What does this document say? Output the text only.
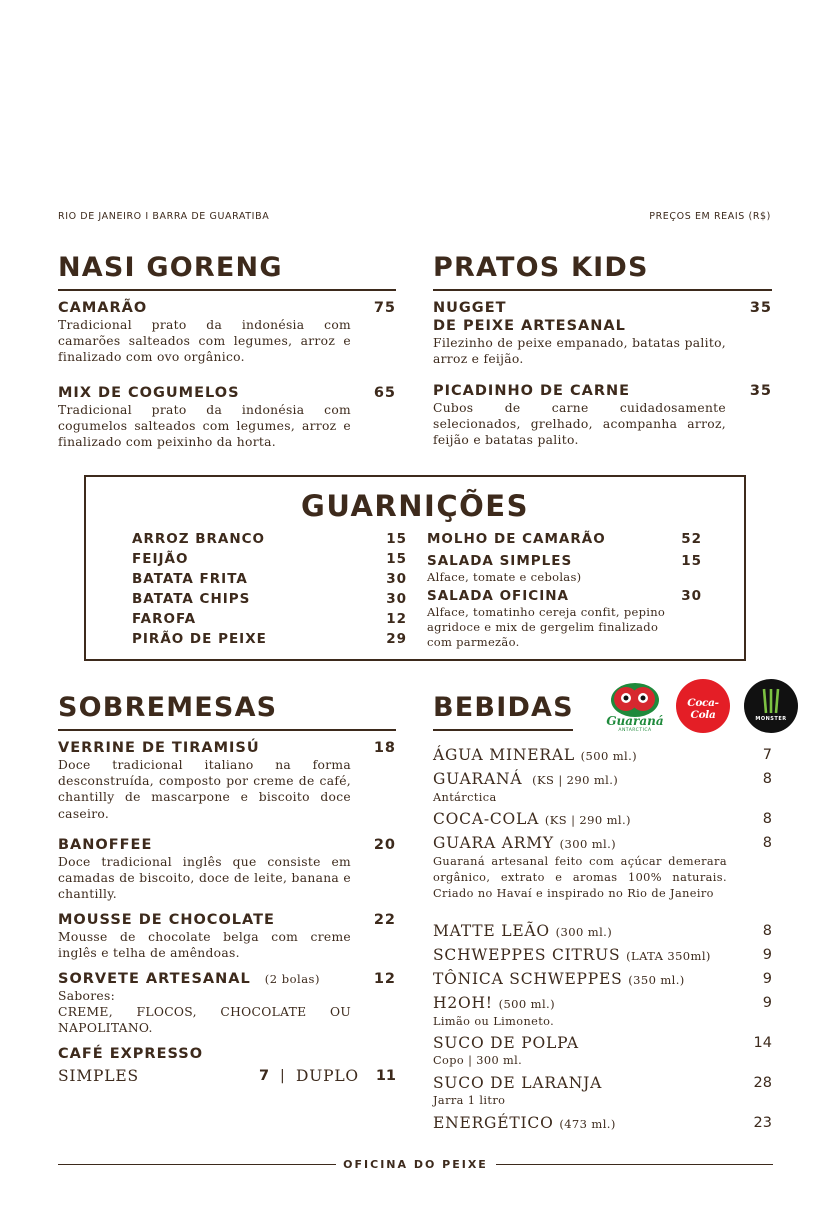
RIO DE JANEIRO I BARRA DE GUARATIBA	PREÇOS EM REAIS (R$)
NASI GORENG
CAMARÃO	75
Tradicional prato da indonésia com camarões salteados com legumes, arroz e finalizado com ovo orgânico.
MIX DE COGUMELOS	65
Tradicional prato da indonésia com cogumelos salteados com legumes, arroz e finalizado com peixinho da horta.
PRATOS KIDS
NUGGET
DE PEIXE ARTESANAL
35
Filezinho de peixe empanado, batatas palito, arroz e feijão.
PICADINHO DE CARNE	35
Cubos de carne cuidadosamente selecionados, grelhado, acompanha arroz, feijão e batatas palito.
GUARNIÇÕES
ARROZ BRANCO	15
FEIJÃO	15
BATATA FRITA	30
BATATA CHIPS	30
FAROFA	12
PIRÃO DE PEIXE	29
MOLHO DE CAMARÃO	52
SALADA SIMPLES	15
Alface, tomate e cebolas)
SALADA OFICINA	30
Alface, tomatinho cereja confit, pepino agridoce e mix de gergelim finalizado com parmezão.
SOBREMESAS
VERRINE DE TIRAMISÚ	18
Doce tradicional italiano na forma desconstruída, composto por creme de café, chantilly de mascarpone e biscoito doce caseiro.
BANOFFEE	20
Doce tradicional inglês que consiste em camadas de biscoito, doce de leite, banana e chantilly.
MOUSSE DE CHOCOLATE	22
Mousse de chocolate belga com creme inglês e telha de amêndoas.
SORVETE ARTESANAL (2 bolas)	12
Sabores:
CREME, FLOCOS, CHOCOLATE OU NAPOLITANO.
CAFÉ EXPRESSO
SIMPLES	7 | DUPLO 11
BEBIDAS	Guaraná
ANTARCTICA
Coca-Cola	MONSTER
ÁGUA MINERAL (500 ml.)	7
GUARANÁ (KS | 290 ml.)	8
Antárctica
COCA-COLA (KS | 290 ml.)	8
GUARA ARMY (300 ml.)	8
Guaraná artesanal feito com açúcar demerara orgânico, extrato e aromas 100% naturais. Criado no Havaí e inspirado no Rio de Janeiro
MATTE LEÃO (300 ml.)	8
SCHWEPPES CITRUS (LATA 350ml)	9
TÔNICA SCHWEPPES (350 ml.)	9
H2OH! (500 ml.)	9
Limão ou Limoneto.
SUCO DE POLPA	14
Copo | 300 ml.
SUCO DE LARANJA	28
Jarra 1 litro
ENERGÉTICO (473 ml.)	23
OFICINA DO PEIXE
